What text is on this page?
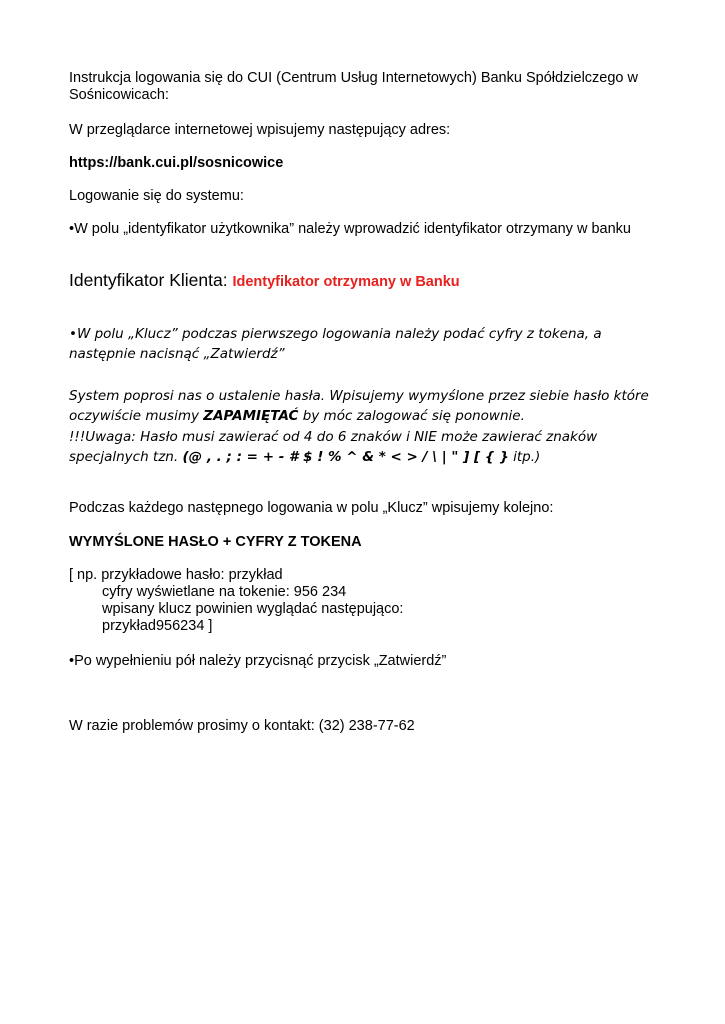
Instrukcja logowania się do CUI (Centrum Usług Internetowych) Banku Spółdzielczego w
Sośnicowicach:
W przeglądarce internetowej wpisujemy następujący adres:
https://bank.cui.pl/sosnicowice
Logowanie się do systemu:
•W polu „identyfikator użytkownika” należy wprowadzić identyfikator otrzymany w banku
Identyfikator Klienta: Identyfikator otrzymany w Banku
•W polu „Klucz” podczas pierwszego logowania należy podać cyfry z tokena, a
następnie nacisnąć „Zatwierdź”
System poprosi nas o ustalenie hasła. Wpisujemy wymyślone przez siebie hasło które
oczywiście musimy ZAPAMIĘTAĆ by móc zalogować się ponownie.
!!!Uwaga: Hasło musi zawierać od 4 do 6 znaków i NIE może zawierać znaków
specjalnych tzn. (@ , . ; : = + - # $ ! % ^ & * < > / \ | " ] [ { } itp.)
Podczas każdego następnego logowania w polu „Klucz” wpisujemy kolejno:
WYMYŚLONE HASŁO + CYFRY Z TOKENA
[ np. przykładowe hasło: przykład
cyfry wyświetlane na tokenie: 956 234
wpisany klucz powinien wyglądać następująco:
przykład956234 ]
•Po wypełnieniu pół należy przycisnąć przycisk „Zatwierdź”
W razie problemów prosimy o kontakt: (32) 238-77-62
